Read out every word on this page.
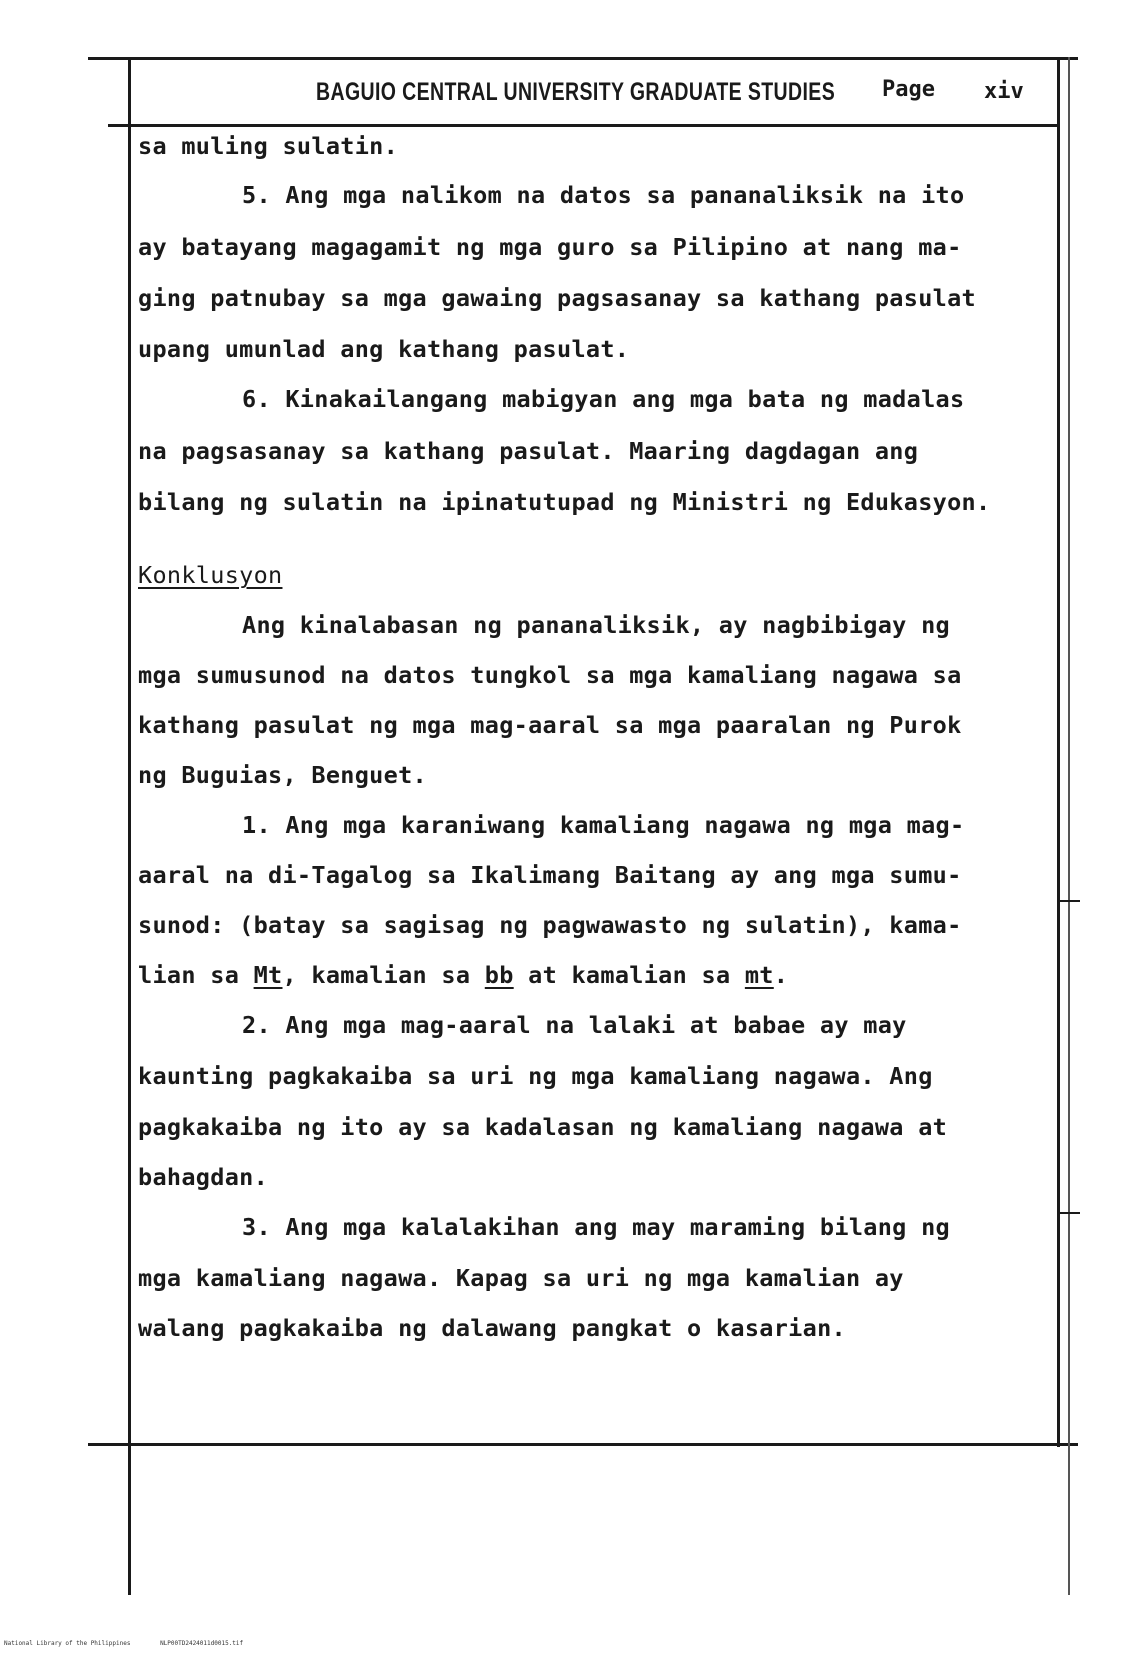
BAGUIO CENTRAL UNIVERSITY GRADUATE STUDIES Page xiv
sa muling sulatin.
5. Ang mga nalikom na datos sa pananaliksik na ito
ay batayang magagamit ng mga guro sa Pilipino at nang ma-
ging patnubay sa mga gawaing pagsasanay sa kathang pasulat
upang umunlad ang kathang pasulat.
6. Kinakailangang mabigyan ang mga bata ng madalas
na pagsasanay sa kathang pasulat. Maaring dagdagan ang
bilang ng sulatin na ipinatutupad ng Ministri ng Edukasyon.
Konklusyon
Ang kinalabasan ng pananaliksik, ay nagbibigay ng
mga sumusunod na datos tungkol sa mga kamaliang nagawa sa
kathang pasulat ng mga mag-aaral sa mga paaralan ng Purok
ng Buguias, Benguet.
1. Ang mga karaniwang kamaliang nagawa ng mga mag-
aaral na di-Tagalog sa Ikalimang Baitang ay ang mga sumu-
sunod: (batay sa sagisag ng pagwawasto ng sulatin), kama-
lian sa Mt, kamalian sa bb at kamalian sa mt.
2. Ang mga mag-aaral na lalaki at babae ay may
kaunting pagkakaiba sa uri ng mga kamaliang nagawa. Ang
pagkakaiba ng ito ay sa kadalasan ng kamaliang nagawa at
bahagdan.
3. Ang mga kalalakihan ang may maraming bilang ng
mga kamaliang nagawa. Kapag sa uri ng mga kamalian ay
walang pagkakaiba ng dalawang pangkat o kasarian.
National Library of the Philippines	NLP00TD2424011d0015.tif
